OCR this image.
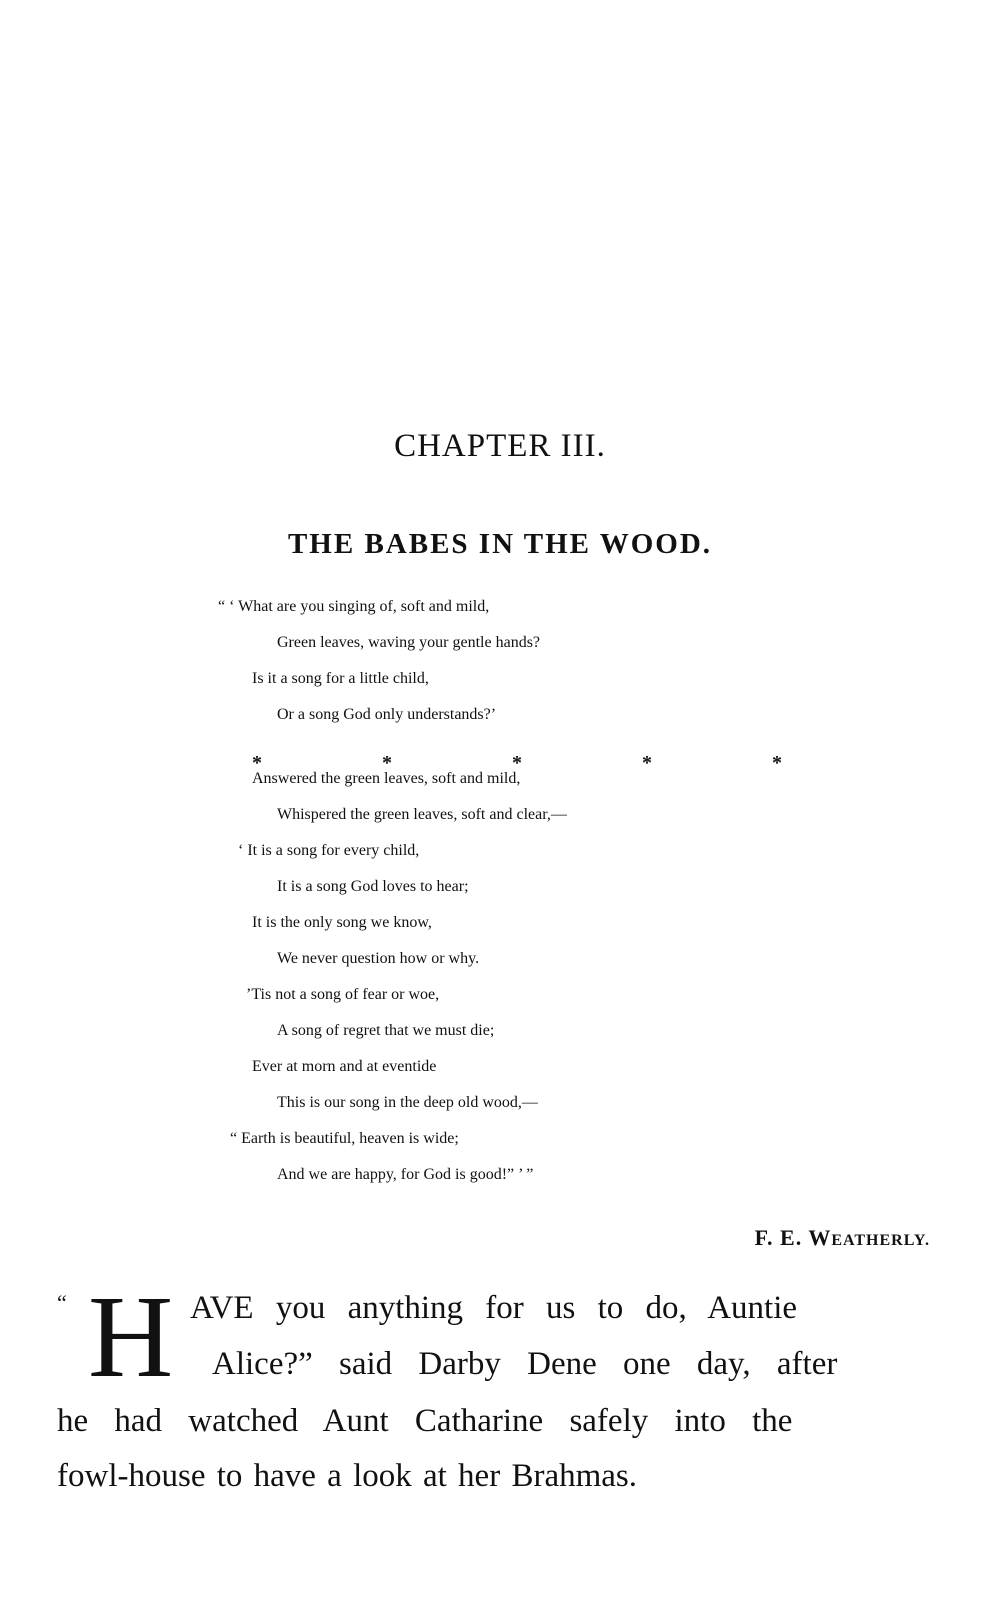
CHAPTER III.
THE BABES IN THE WOOD.
“ ‘ What are you singing of, soft and mild,
Green leaves, waving your gentle hands?
Is it a song for a little child,
Or a song God only understands?’
*	*	*	*	*
Answered the green leaves, soft and mild,
Whispered the green leaves, soft and clear,—
‘ It is a song for every child,
It is a song God loves to hear;
It is the only song we know,
We never question how or why.
’Tis not a song of fear or woe,
A song of regret that we must die;
Ever at morn and at eventide
This is our song in the deep old wood,—
“ Earth is beautiful, heaven is wide;
And we are happy, for God is good!” ’ ”
F. E. WEATHERLY.
“ H AVE you anything for us to do, Auntie
Alice?” said Darby Dene one day, after
he had watched Aunt Catharine safely into the
fowl-house to have a look at her Brahmas.
